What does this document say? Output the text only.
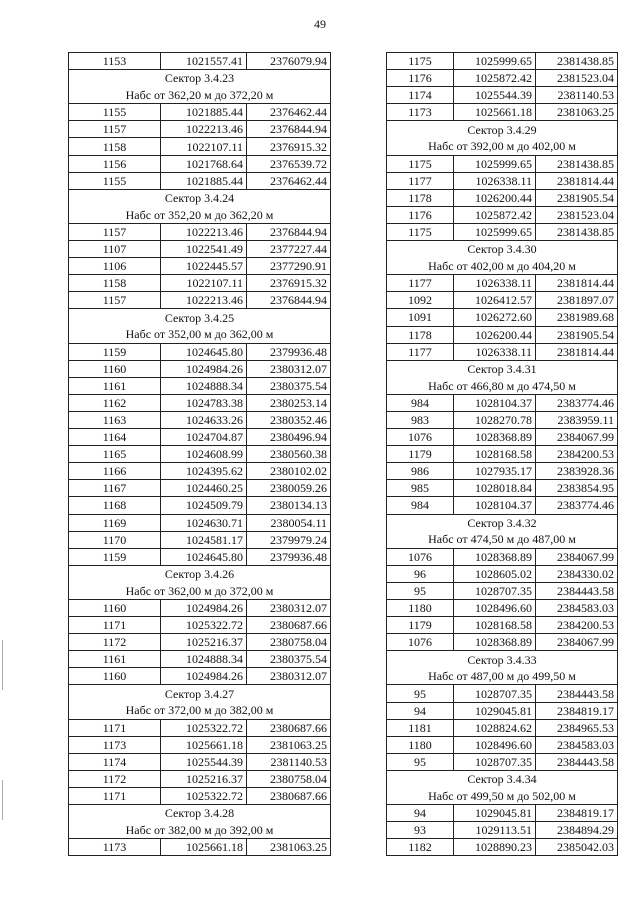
49
1153	1021557.41	2376079.94
Сектор 3.4.23		
Набс от 362,20 м до 372,20 м		
1155	1021885.44	2376462.44
1157	1022213.46	2376844.94
1158	1022107.11	2376915.32
1156	1021768.64	2376539.72
1155	1021885.44	2376462.44
Сектор 3.4.24		
Набс от 352,20 м до 362,20 м		
1157	1022213.46	2376844.94
1107	1022541.49	2377227.44
1106	1022445.57	2377290.91
1158	1022107.11	2376915.32
1157	1022213.46	2376844.94
Сектор 3.4.25		
Набс от 352,00 м до 362,00 м		
1159	1024645.80	2379936.48
1160	1024984.26	2380312.07
1161	1024888.34	2380375.54
1162	1024783.38	2380253.14
1163	1024633.26	2380352.46
1164	1024704.87	2380496.94
1165	1024608.99	2380560.38
1166	1024395.62	2380102.02
1167	1024460.25	2380059.26
1168	1024509.79	2380134.13
1169	1024630.71	2380054.11
1170	1024581.17	2379979.24
1159	1024645.80	2379936.48
Сектор 3.4.26		
Набс от 362,00 м до 372,00 м		
1160	1024984.26	2380312.07
1171	1025322.72	2380687.66
1172	1025216.37	2380758.04
1161	1024888.34	2380375.54
1160	1024984.26	2380312.07
Сектор 3.4.27		
Набс от 372,00 м до 382,00 м		
1171	1025322.72	2380687.66
1173	1025661.18	2381063.25
1174	1025544.39	2381140.53
1172	1025216.37	2380758.04
1171	1025322.72	2380687.66
Сектор 3.4.28		
Набс от 382,00 м до 392,00 м		
1173	1025661.18	2381063.25
1175	1025999.65	2381438.85
1176	1025872.42	2381523.04
1174	1025544.39	2381140.53
1173	1025661.18	2381063.25
Сектор 3.4.29		
Набс от 392,00 м до 402,00 м		
1175	1025999.65	2381438.85
1177	1026338.11	2381814.44
1178	1026200.44	2381905.54
1176	1025872.42	2381523.04
1175	1025999.65	2381438.85
Сектор 3.4.30		
Набс от 402,00 м до 404,20 м		
1177	1026338.11	2381814.44
1092	1026412.57	2381897.07
1091	1026272.60	2381989.68
1178	1026200.44	2381905.54
1177	1026338.11	2381814.44
Сектор 3.4.31		
Набс от 466,80 м до 474,50 м		
984	1028104.37	2383774.46
983	1028270.78	2383959.11
1076	1028368.89	2384067.99
1179	1028168.58	2384200.53
986	1027935.17	2383928.36
985	1028018.84	2383854.95
984	1028104.37	2383774.46
Сектор 3.4.32		
Набс от 474,50 м до 487,00 м		
1076	1028368.89	2384067.99
96	1028605.02	2384330.02
95	1028707.35	2384443.58
1180	1028496.60	2384583.03
1179	1028168.58	2384200.53
1076	1028368.89	2384067.99
Сектор 3.4.33		
Набс от 487,00 м до 499,50 м		
95	1028707.35	2384443.58
94	1029045.81	2384819.17
1181	1028824.62	2384965.53
1180	1028496.60	2384583.03
95	1028707.35	2384443.58
Сектор 3.4.34		
Набс от 499,50 м до 502,00 м		
94	1029045.81	2384819.17
93	1029113.51	2384894.29
1182	1028890.23	2385042.03
